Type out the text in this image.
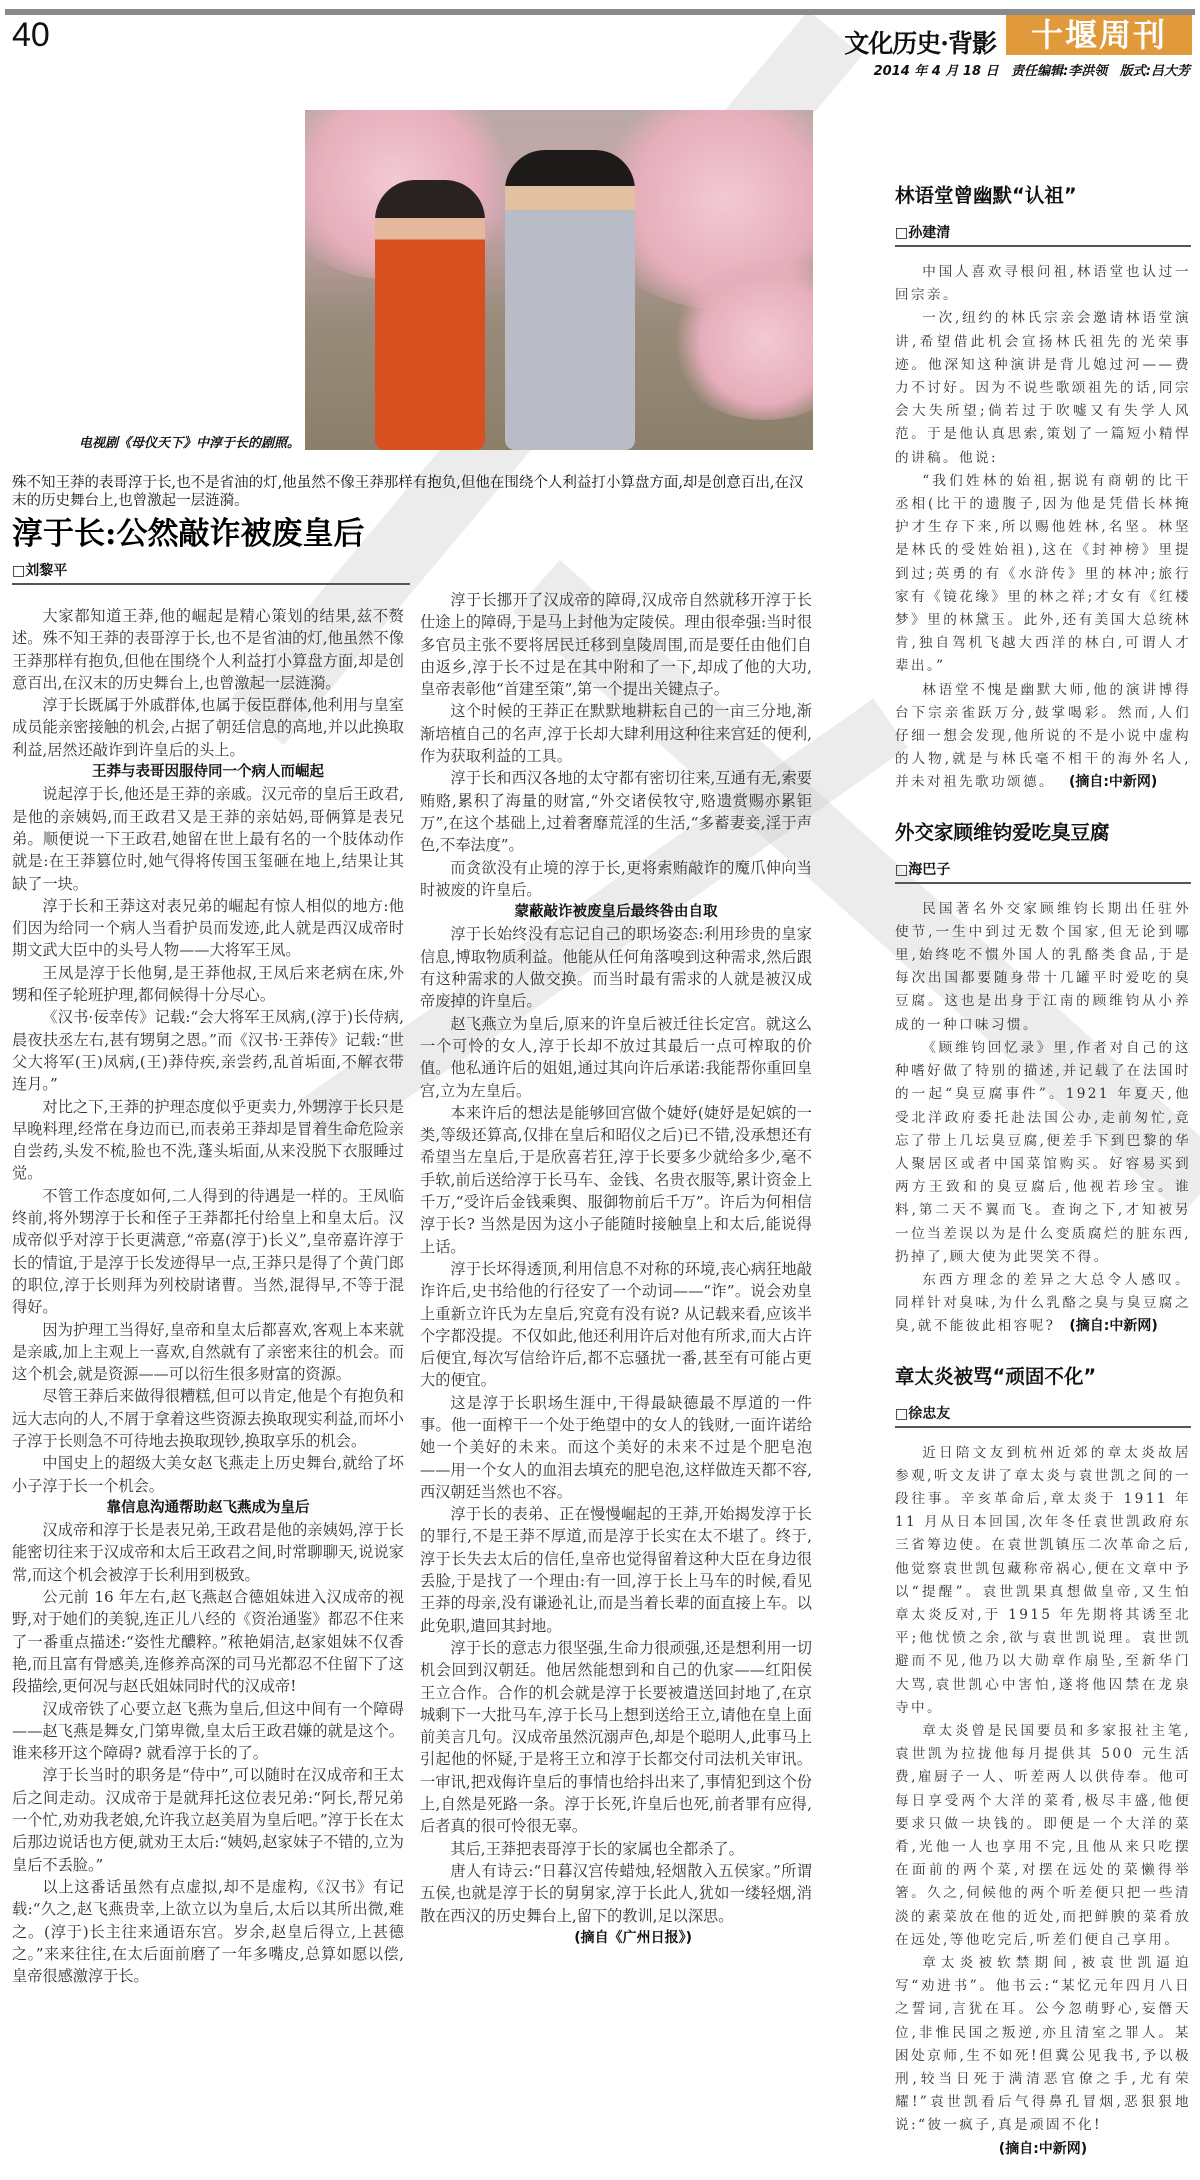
40	文化历史·背影	十堰周刊
2014 年 4 月 18 日 责任编辑:李洪领 版式:吕大芳
电视剧《母仪天下》中淳于长的剧照。
殊不知王莽的表哥淳于长,也不是省油的灯,他虽然不像王莽那样有抱负,但他在围绕个人利益打小算盘方面,却是创意百出,在汉末的历史舞台上,也曾激起一层涟漪。
淳于长:公然敲诈被废皇后
□刘黎平

大家都知道王莽,他的崛起是精心策划的结果,兹不赘述。殊不知王莽的表哥淳于长,也不是省油的灯,他虽然不像王莽那样有抱负,但他在围绕个人利益打小算盘方面,却是创意百出,在汉末的历史舞台上,也曾激起一层涟漪。

淳于长既属于外戚群体,也属于佞臣群体,他利用与皇室成员能亲密接触的机会,占据了朝廷信息的高地,并以此换取利益,居然还敲诈到许皇后的头上。

王莽与表哥因服侍同一个病人而崛起

说起淳于长,他还是王莽的亲戚。汉元帝的皇后王政君,是他的亲姨妈,而王政君又是王莽的亲姑妈,哥俩算是表兄弟。顺便说一下王政君,她留在世上最有名的一个肢体动作就是:在王莽篡位时,她气得将传国玉玺砸在地上,结果让其缺了一块。

淳于长和王莽这对表兄弟的崛起有惊人相似的地方:他们因为给同一个病人当看护员而发迹,此人就是西汉成帝时期文武大臣中的头号人物——大将军王凤。

王凤是淳于长他舅,是王莽他叔,王凤后来老病在床,外甥和侄子轮班护理,都伺候得十分尽心。

《汉书·佞幸传》记载:“会大将军王凤病,(淳于)长侍病,晨夜扶丞左右,甚有甥舅之恩。”而《汉书·王莽传》记载:“世父大将军(王)凤病,(王)莽侍疾,亲尝药,乱首垢面,不解衣带连月。”

对比之下,王莽的护理态度似乎更卖力,外甥淳于长只是早晚料理,经常在身边而已,而表弟王莽却是冒着生命危险亲自尝药,头发不梳,脸也不洗,蓬头垢面,从来没脱下衣服睡过觉。

不管工作态度如何,二人得到的待遇是一样的。王凤临终前,将外甥淳于长和侄子王莽都托付给皇上和皇太后。汉成帝似乎对淳于长更满意,“帝嘉(淳于)长义”,皇帝嘉许淳于长的情谊,于是淳于长发迹得早一点,王莽只是得了个黄门郎的职位,淳于长则拜为列校尉诸曹。当然,混得早,不等于混得好。

因为护理工当得好,皇帝和皇太后都喜欢,客观上本来就是亲戚,加上主观上一喜欢,自然就有了亲密来往的机会。而这个机会,就是资源——可以衍生很多财富的资源。

尽管王莽后来做得很糟糕,但可以肯定,他是个有抱负和远大志向的人,不屑于拿着这些资源去换取现实利益,而坏小子淳于长则急不可待地去换取现钞,换取享乐的机会。

中国史上的超级大美女赵飞燕走上历史舞台,就给了坏小子淳于长一个机会。

靠信息沟通帮助赵飞燕成为皇后

汉成帝和淳于长是表兄弟,王政君是他的亲姨妈,淳于长能密切往来于汉成帝和太后王政君之间,时常聊聊天,说说家常,而这个机会被淳于长利用到极致。

公元前 16 年左右,赵飞燕赵合德姐妹进入汉成帝的视野,对于她们的美貌,连正儿八经的《资治通鉴》都忍不住来了一番重点描述:“姿性尤醲粹。”秾艳娟洁,赵家姐妹不仅香艳,而且富有骨感美,连修养高深的司马光都忍不住留下了这段描绘,更何况与赵氏姐妹同时代的汉成帝!

汉成帝铁了心要立赵飞燕为皇后,但这中间有一个障碍——赵飞燕是舞女,门第卑微,皇太后王政君嫌的就是这个。谁来移开这个障碍? 就看淳于长的了。

淳于长当时的职务是“侍中”,可以随时在汉成帝和王太后之间走动。汉成帝于是就拜托这位表兄弟:“阿长,帮兄弟一个忙,劝劝我老娘,允许我立赵美眉为皇后吧。”淳于长在太后那边说话也方便,就劝王太后:“姨妈,赵家妹子不错的,立为皇后不丢脸。”

以上这番话虽然有点虚拟,却不是虚构,《汉书》有记载:“久之,赵飞燕贵幸,上欲立以为皇后,太后以其所出微,难之。(淳于)长主往来通语东宫。岁余,赵皇后得立,上甚德之。”来来往往,在太后面前磨了一年多嘴皮,总算如愿以偿,皇帝很感激淳于长。

淳于长挪开了汉成帝的障碍,汉成帝自然就移开淳于长仕途上的障碍,于是马上封他为定陵侯。理由很牵强:当时很多官员主张不要将居民迁移到皇陵周围,而是要任由他们自由返乡,淳于长不过是在其中附和了一下,却成了他的大功,皇帝表彰他“首建至策”,第一个提出关键点子。

这个时候的王莽正在默默地耕耘自己的一亩三分地,渐渐培植自己的名声,淳于长却大肆利用这种往来宫廷的便利,作为获取利益的工具。

淳于长和西汉各地的太守都有密切往来,互通有无,索要贿赂,累积了海量的财富,“外交诸侯牧守,赂遗赏赐亦累钜万”,在这个基础上,过着奢靡荒淫的生活,“多蓄妻妾,淫于声色,不奉法度”。

而贪欲没有止境的淳于长,更将索贿敲诈的魔爪伸向当时被废的许皇后。

蒙蔽敲诈被废皇后最终咎由自取

淳于长始终没有忘记自己的职场姿态:利用珍贵的皇家信息,博取物质利益。他能从任何角落嗅到这种需求,然后跟有这种需求的人做交换。而当时最有需求的人就是被汉成帝废掉的许皇后。

赵飞燕立为皇后,原来的许皇后被迁往长定宫。就这么一个可怜的女人,淳于长却不放过其最后一点可榨取的价值。他私通许后的姐姐,通过其向许后承诺:我能帮你重回皇宫,立为左皇后。

本来许后的想法是能够回宫做个婕妤(婕妤是妃嫔的一类,等级还算高,仅排在皇后和昭仪之后)已不错,没承想还有希望当左皇后,于是欣喜若狂,淳于长要多少就给多少,毫不手软,前后送给淳于长马车、金钱、名贵衣服等,累计资金上千万,“受许后金钱乘舆、服御物前后千万”。许后为何相信淳于长? 当然是因为这小子能随时接触皇上和太后,能说得上话。

淳于长坏得透顶,利用信息不对称的环境,丧心病狂地敲诈许后,史书给他的行径安了一个动词——“诈”。说会劝皇上重新立许氏为左皇后,究竟有没有说? 从记载来看,应该半个字都没提。不仅如此,他还利用许后对他有所求,而大占许后便宜,每次写信给许后,都不忘骚扰一番,甚至有可能占更大的便宜。

这是淳于长职场生涯中,干得最缺德最不厚道的一件事。他一面榨干一个处于绝望中的女人的钱财,一面许诺给她一个美好的未来。而这个美好的未来不过是个肥皂泡——用一个女人的血泪去填充的肥皂泡,这样做连天都不容,西汉朝廷当然也不容。

淳于长的表弟、正在慢慢崛起的王莽,开始揭发淳于长的罪行,不是王莽不厚道,而是淳于长实在太不堪了。终于,淳于长失去太后的信任,皇帝也觉得留着这种大臣在身边很丢脸,于是找了一个理由:有一回,淳于长上马车的时候,看见王莽的母亲,没有谦逊礼让,而是当着长辈的面直接上车。以此免职,遣回其封地。

淳于长的意志力很坚强,生命力很顽强,还是想利用一切机会回到汉朝廷。他居然能想到和自己的仇家——红阳侯王立合作。合作的机会就是淳于长要被遣送回封地了,在京城剩下一大批马车,淳于长马上想到送给王立,请他在皇上面前美言几句。汉成帝虽然沉溺声色,却是个聪明人,此事马上引起他的怀疑,于是将王立和淳于长都交付司法机关审讯。一审讯,把戏侮许皇后的事情也给抖出来了,事情犯到这个份上,自然是死路一条。淳于长死,许皇后也死,前者罪有应得,后者真的很可怜很无辜。

其后,王莽把表哥淳于长的家属也全都杀了。

唐人有诗云:“日暮汉宫传蜡烛,轻烟散入五侯家。”所谓五侯,也就是淳于长的舅舅家,淳于长此人,犹如一缕轻烟,消散在西汉的历史舞台上,留下的教训,足以深思。

(摘自《广州日报》)

林语堂曾幽默“认祖”
□孙建清

中国人喜欢寻根问祖,林语堂也认过一回宗亲。

一次,纽约的林氏宗亲会邀请林语堂演讲,希望借此机会宣扬林氏祖先的光荣事迹。他深知这种演讲是背儿媳过河——费力不讨好。因为不说些歌颂祖先的话,同宗会大失所望;倘若过于吹嘘又有失学人风范。于是他认真思索,策划了一篇短小精悍的讲稿。他说:

“我们姓林的始祖,据说有商朝的比干丞相(比干的遗腹子,因为他是凭借长林掩护才生存下来,所以赐他姓林,名坚。林坚是林氏的受姓始祖),这在《封神榜》里提到过;英勇的有《水浒传》里的林冲;旅行家有《镜花缘》里的林之祥;才女有《红楼梦》里的林黛玉。此外,还有美国大总统林肯,独自驾机飞越大西洋的林白,可谓人才辈出。”

林语堂不愧是幽默大师,他的演讲博得台下宗亲雀跃万分,鼓掌喝彩。然而,人们仔细一想会发现,他所说的不是小说中虚构的人物,就是与林氏毫不相干的海外名人,并未对祖先歌功颂德。 (摘自:中新网)

外交家顾维钧爱吃臭豆腐
□海巴子

民国著名外交家顾维钧长期出任驻外使节,一生中到过无数个国家,但无论到哪里,始终吃不惯外国人的乳酪类食品,于是每次出国都要随身带十几罐平时爱吃的臭豆腐。这也是出身于江南的顾维钧从小养成的一种口味习惯。

《顾维钧回忆录》里,作者对自己的这种嗜好做了特别的描述,并记载了在法国时的一起“臭豆腐事件”。1921 年夏天,他受北洋政府委托赴法国公办,走前匆忙,竟忘了带上几坛臭豆腐,便差手下到巴黎的华人聚居区或者中国菜馆购买。好容易买到两方王致和的臭豆腐后,他视若珍宝。谁料,第二天不翼而飞。查询之下,才知被另一位当差误以为是什么变质腐烂的脏东西,扔掉了,顾大使为此哭笑不得。

东西方理念的差异之大总令人感叹。同样针对臭味,为什么乳酪之臭与臭豆腐之臭,就不能彼此相容呢? (摘自:中新网)

章太炎被骂“顽固不化”
□徐忠友

近日陪文友到杭州近郊的章太炎故居参观,听文友讲了章太炎与袁世凯之间的一段往事。辛亥革命后,章太炎于 1911 年 11 月从日本回国,次年冬任袁世凯政府东三省筹边使。在袁世凯镇压二次革命之后,他觉察袁世凯包藏称帝祸心,便在文章中予以“提醒”。袁世凯果真想做皇帝,又生怕章太炎反对,于 1915 年先期将其诱至北平;他忧愤之余,欲与袁世凯说理。袁世凯避而不见,他乃以大勋章作扇坠,至新华门大骂,袁世凯心中害怕,遂将他囚禁在龙泉寺中。

章太炎曾是民国要员和多家报社主笔,袁世凯为拉拢他每月提供其 500 元生活费,雇厨子一人、听差两人以供侍奉。他可每日享受两个大洋的菜肴,极尽丰盛,他便要求只做一块钱的。即便是一个大洋的菜肴,光他一人也享用不完,且他从来只吃摆在面前的两个菜,对摆在远处的菜懒得举箸。久之,伺候他的两个听差便只把一些清淡的素菜放在他的近处,而把鲜腴的菜肴放在远处,等他吃完后,听差们便自己享用。

章太炎被软禁期间,被袁世凯逼迫写“劝进书”。他书云:“某忆元年四月八日之誓词,言犹在耳。公今忽萌野心,妄僭天位,非惟民国之叛逆,亦且清室之罪人。某困处京师,生不如死!但冀公见我书,予以极刑,较当日死于满清恶官僚之手,尤有荣耀!”袁世凯看后气得鼻孔冒烟,恶狠狠地说:“彼一疯子,真是顽固不化!

(摘自:中新网)
